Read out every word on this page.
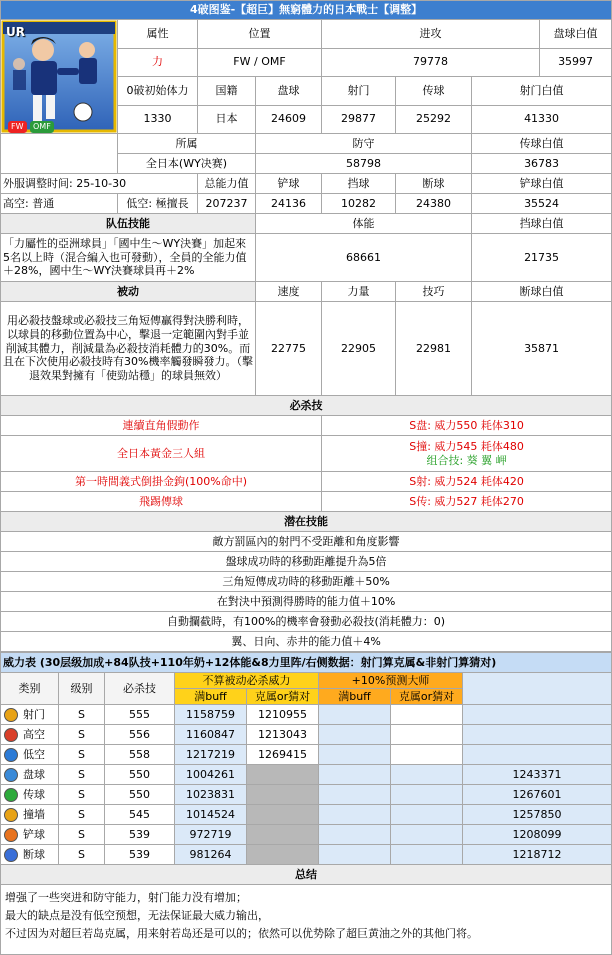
4破图鉴-【超巨】無窮體力的日本戰士【调整】							

UR
FW OMF	属性	位置		进攻			盘球白值
	力	FW / OMF		79778			35997
	0破初始体力	国籍	盘球	射门	传球	射门白值	
	1330	日本	24609	29877	25292	41330	
	所属		防守			传球白值	
	全日本(WY决赛)		58798			36783	
外服调整时间: 25-10-30		总能力值	铲球	挡球	断球	铲球白值	
高空: 普通	低空: 極擅長	207237	24136	10282	24380	35524	
队伍技能			体能			挡球白值	
「力屬性的亞洲球員」「國中生～WY決賽」加起來5名以上時（混合編入也可發動），全員的全能力值＋28%，國中生～WY決賽球員再＋2%			68661			21735	
被动			速度	力量	技巧	断球白值	
用必殺技盤球或必殺技三角短傳贏得對決勝利時，以球員的移動位置為中心，擊退一定範圍內對手並削減其體力，削減量為必殺技消耗體力的30%。而且在下次使用必殺技時有30%機率觸發瞬發力。（擊退效果對擁有「使勁站穩」的球員無效）			22775	22905	22981	35871	
必杀技							
連續直角假動作				S盘: 威力550 耗体310			
全日本黃金三人組				S撞: 威力545 耗体480
组合技: 葵 翼 岬			

第一時間義式倒掛金鉤(100%命中)				S射: 威力524 耗体420			
飛踢傳球				S传: 威力527 耗体270			
潜在技能							
敵方罰區內的射門不受距離和角度影響							
盤球成功時的移動距離提升為5倍							
三角短傳成功時的移動距離＋50%							
在對決中預測得勝時的能力值＋10%							
自動攔截時，有100%的機率會發動必殺技(消耗體力：0)							
翼、日向、赤井的能力值＋4%							
威力表 (30层级加成+84队技+110年奶+12体能&8力里阵/右侧数据：射门算克属&非射门算猜对)							
类别	级别	必杀技	不算被动必杀威力		+10%预测大师		
			满buff	克属or猜对	满buff	克属or猜对	
射门	S	555	1158759	1210955			
高空	S	556	1160847	1213043			
低空	S	558	1217219	1269415			
盘球	S	550	1004261				1243371
传球	S	550	1023831				1267601
撞墙	S	545	1014524				1257850
铲球	S	539	972719				1208099
断球	S	539	981264				1218712
总结							

增强了一些突进和防守能力，射门能力没有增加；

最大的缺点是没有低空预想，无法保证最大威力输出，

不过因为对超巨若岛克属，用来射若岛还是可以的；依然可以优势除了超巨黄油之外的其他门将。							
